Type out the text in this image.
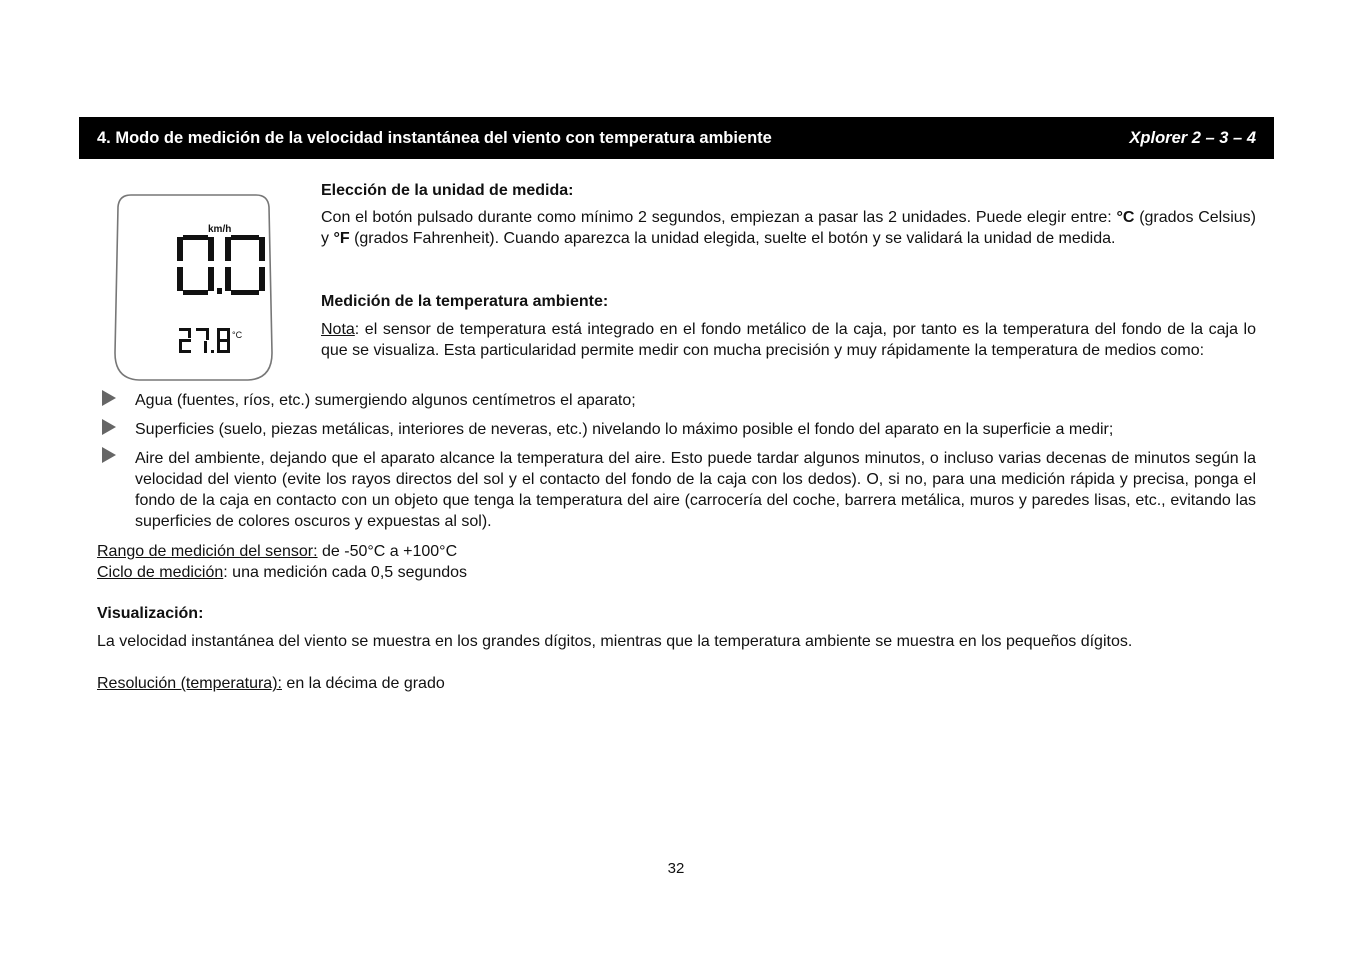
4. Modo de medición de la velocidad instantánea del viento con temperatura ambiente	Xplorer 2 – 3 – 4
km/h
°C
Elección de la unidad de medida:
Con el botón pulsado durante como mínimo 2 segundos, empiezan a pasar las 2 unidades. Puede elegir entre: °C (grados Celsius) y °F (grados Fahrenheit). Cuando aparezca la unidad elegida, suelte el botón y se validará la unidad de medida.
Medición de la temperatura ambiente:
Nota: el sensor de temperatura está integrado en el fondo metálico de la caja, por tanto es la temperatura del fondo de la caja lo que se visualiza. Esta particularidad permite medir con mucha precisión y muy rápidamente la temperatura de medios como:
Agua (fuentes, ríos, etc.) sumergiendo algunos centímetros el aparato;
Superficies (suelo, piezas metálicas, interiores de neveras, etc.) nivelando lo máximo posible el fondo del aparato en la superficie a medir;
Aire del ambiente, dejando que el aparato alcance la temperatura del aire. Esto puede tardar algunos minutos, o incluso varias decenas de minutos según la velocidad del viento (evite los rayos directos del sol y el contacto del fondo de la caja con los dedos). O, si no, para una medición rápida y precisa, ponga el fondo de la caja en contacto con un objeto que tenga la temperatura del aire (carrocería del coche, barrera metálica, muros y paredes lisas, etc., evitando las superficies de colores oscuros y expuestas al sol).
Rango de medición del sensor: de -50°C a +100°C
Ciclo de medición: una medición cada 0,5 segundos
Visualización:
La velocidad instantánea del viento se muestra en los grandes dígitos, mientras que la temperatura ambiente se muestra en los pequeños dígitos.
Resolución (temperatura): en la décima de grado
32
